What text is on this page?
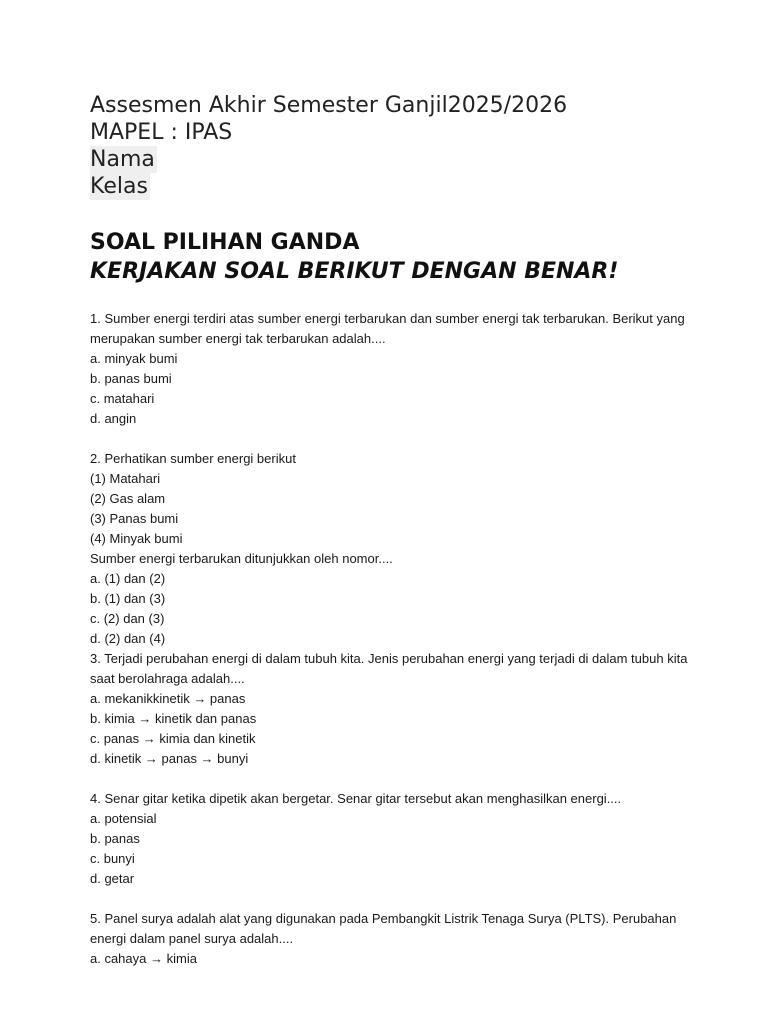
Assesmen Akhir Semester Ganjil2025/2026
MAPEL : IPAS
Nama
Kelas
SOAL PILIHAN GANDA
KERJAKAN SOAL BERIKUT DENGAN BENAR!
1. Sumber energi terdiri atas sumber energi terbarukan dan sumber energi tak terbarukan. Berikut yang
merupakan sumber energi tak terbarukan adalah....
a. minyak bumi
b. panas bumi
c. matahari
d. angin
2. Perhatikan sumber energi berikut
(1) Matahari
(2) Gas alam
(3) Panas bumi
(4) Minyak bumi
Sumber energi terbarukan ditunjukkan oleh nomor....
a. (1) dan (2)
b. (1) dan (3)
c. (2) dan (3)
d. (2) dan (4)
3. Terjadi perubahan energi di dalam tubuh kita. Jenis perubahan energi yang terjadi di dalam tubuh kita
saat berolahraga adalah....
a. mekanikkinetik → panas
b. kimia → kinetik dan panas
c. panas → kimia dan kinetik
d. kinetik → panas → bunyi
4. Senar gitar ketika dipetik akan bergetar. Senar gitar tersebut akan menghasilkan energi....
a. potensial
b. panas
c. bunyi
d. getar
5. Panel surya adalah alat yang digunakan pada Pembangkit Listrik Tenaga Surya (PLTS). Perubahan
energi dalam panel surya adalah....
a. cahaya → kimia
